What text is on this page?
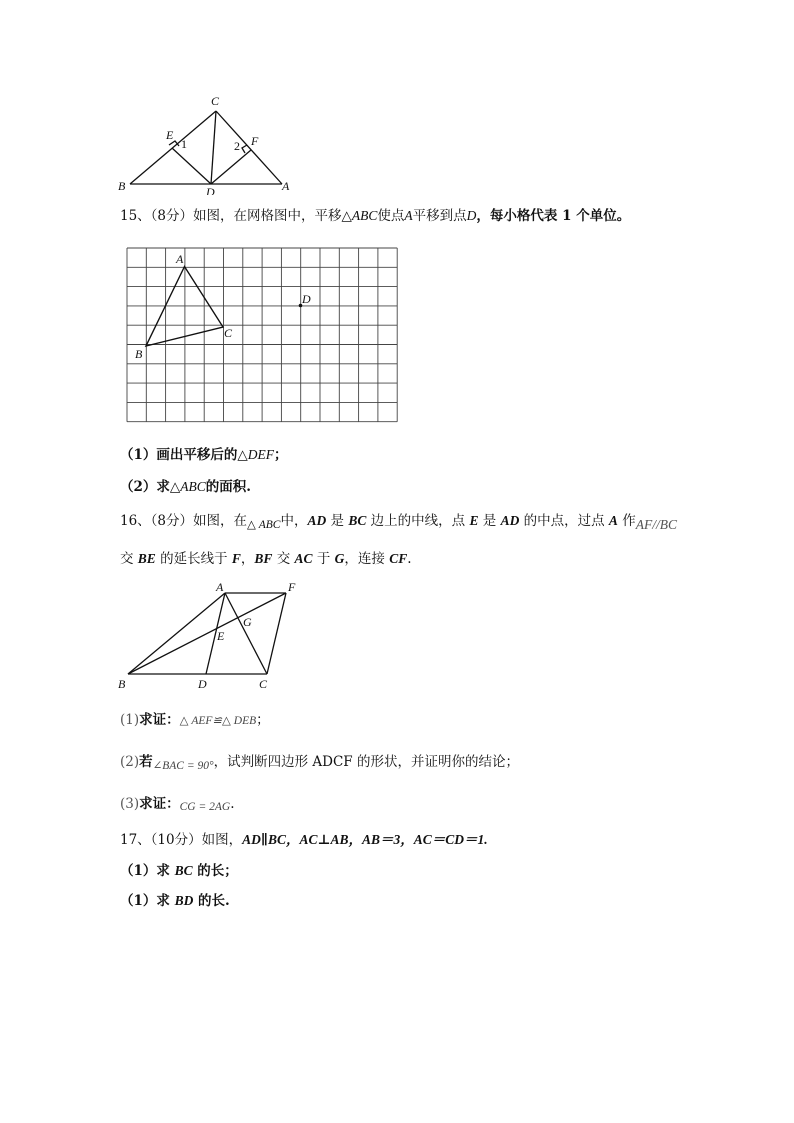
C
E
1	F
2
B	D	A
15、（8分）如图，在网格图中，平移△ABC使点A平移到点D，每小格代表 1 个单位。
A
B
C
D
（1）画出平移后的△DEF；
（2）求△ABC的面积.
16、（8分）如图，在△ ABC中，AD 是 BC 边上的中线，点 E 是 AD 的中点，过点 A 作AF//BC
交 BE 的延长线于 F，BF 交 AC 于 G，连接 CF.
A	F
G
E
B	D	C
(1)求证：△ AEF≌△ DEB；
(2)若∠BAC = 90°，试判断四边形 ADCF 的形状，并证明你的结论；
(3)求证：CG = 2AG.
17、（10分）如图，AD∥BC，AC⊥AB，AB＝3，AC＝CD＝1.
（1）求 BC 的长；
（1）求 BD 的长.
